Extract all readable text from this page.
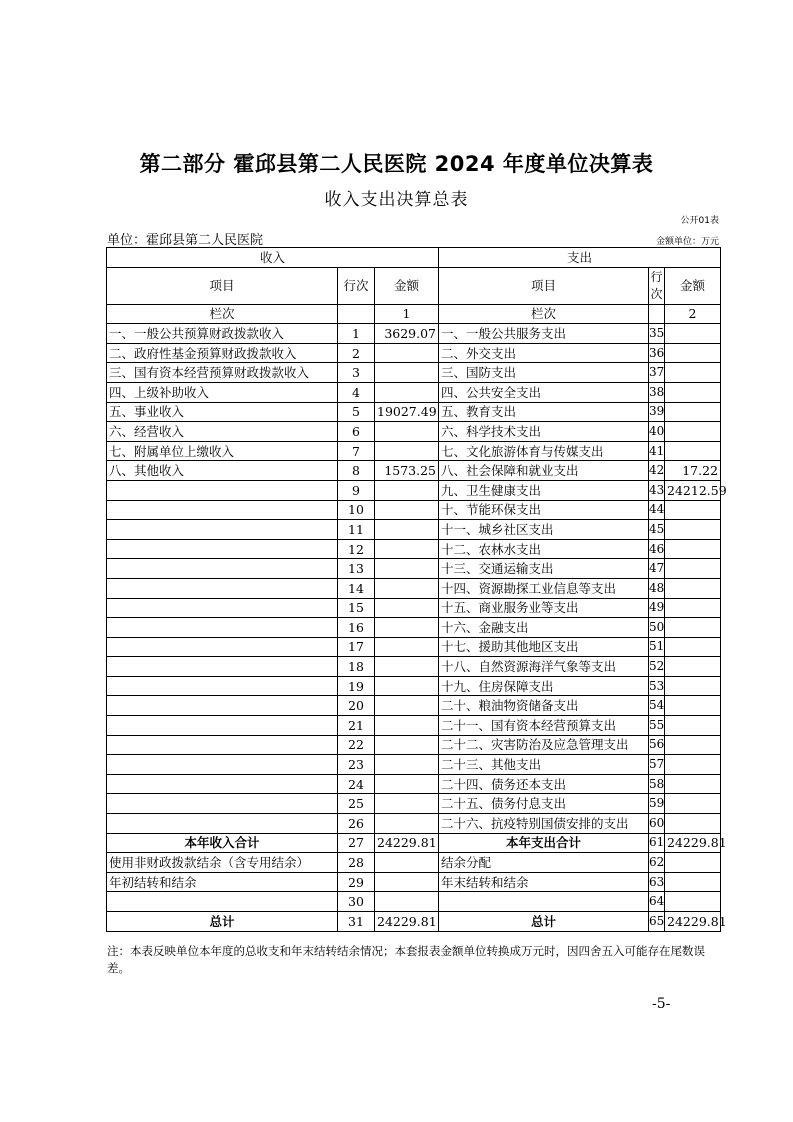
第二部分 霍邱县第二人民医院 2024 年度单位决算表
收入支出决算总表
公开01表
单位：霍邱县第二人民医院	金额单位：万元
收入			支出		
项目	行次	金额	项目	行次	金额
栏次		1	栏次		2
一、一般公共预算财政拨款收入	1	3629.07	一、一般公共服务支出	35	
二、政府性基金预算财政拨款收入	2		二、外交支出	36	
三、国有资本经营预算财政拨款收入	3		三、国防支出	37	
四、上级补助收入	4		四、公共安全支出	38	
五、事业收入	5	19027.49	五、教育支出	39	
六、经营收入	6		六、科学技术支出	40	
七、附属单位上缴收入	7		七、文化旅游体育与传媒支出	41	
八、其他收入	8	1573.25	八、社会保障和就业支出	42	17.22
	9		九、卫生健康支出	43	24212.59
	10		十、节能环保支出	44	
	11		十一、城乡社区支出	45	
	12		十二、农林水支出	46	
	13		十三、交通运输支出	47	
	14		十四、资源勘探工业信息等支出	48	
	15		十五、商业服务业等支出	49	
	16		十六、金融支出	50	
	17		十七、援助其他地区支出	51	
	18		十八、自然资源海洋气象等支出	52	
	19		十九、住房保障支出	53	
	20		二十、粮油物资储备支出	54	
	21		二十一、国有资本经营预算支出	55	
	22		二十二、灾害防治及应急管理支出	56	
	23		二十三、其他支出	57	
	24		二十四、债务还本支出	58	
	25		二十五、债务付息支出	59	
	26		二十六、抗疫特别国债安排的支出	60	
本年收入合计	27	24229.81	本年支出合计	61	24229.81
使用非财政拨款结余（含专用结余）	28		结余分配	62	
年初结转和结余	29		年末结转和结余	63	
	30			64	
总计	31	24229.81	总计	65	24229.81
注：本表反映单位本年度的总收支和年末结转结余情况；本套报表金额单位转换成万元时，因四舍五入可能存在尾数误差。
-5-
